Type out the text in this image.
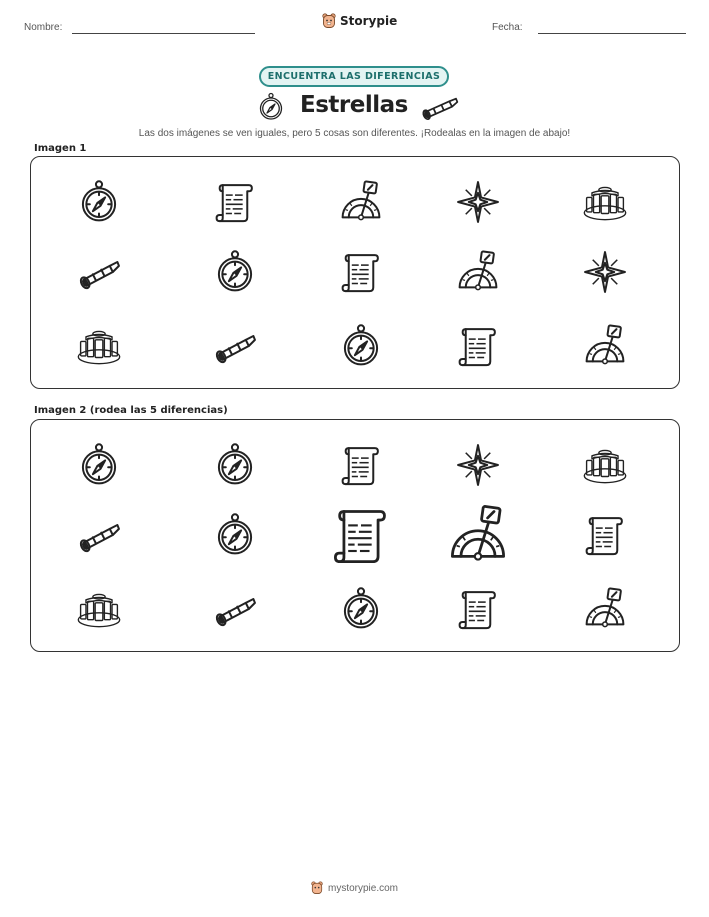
Nombre:	Storypie	Fecha:
ENCUENTRA LAS DIFERENCIAS
Estrellas
Las dos imágenes se ven iguales, pero 5 cosas son diferentes. ¡Rodealas en la imagen de abajo!
Imagen 1
Imagen 2 (rodea las 5 diferencias)
mystorypie.com
